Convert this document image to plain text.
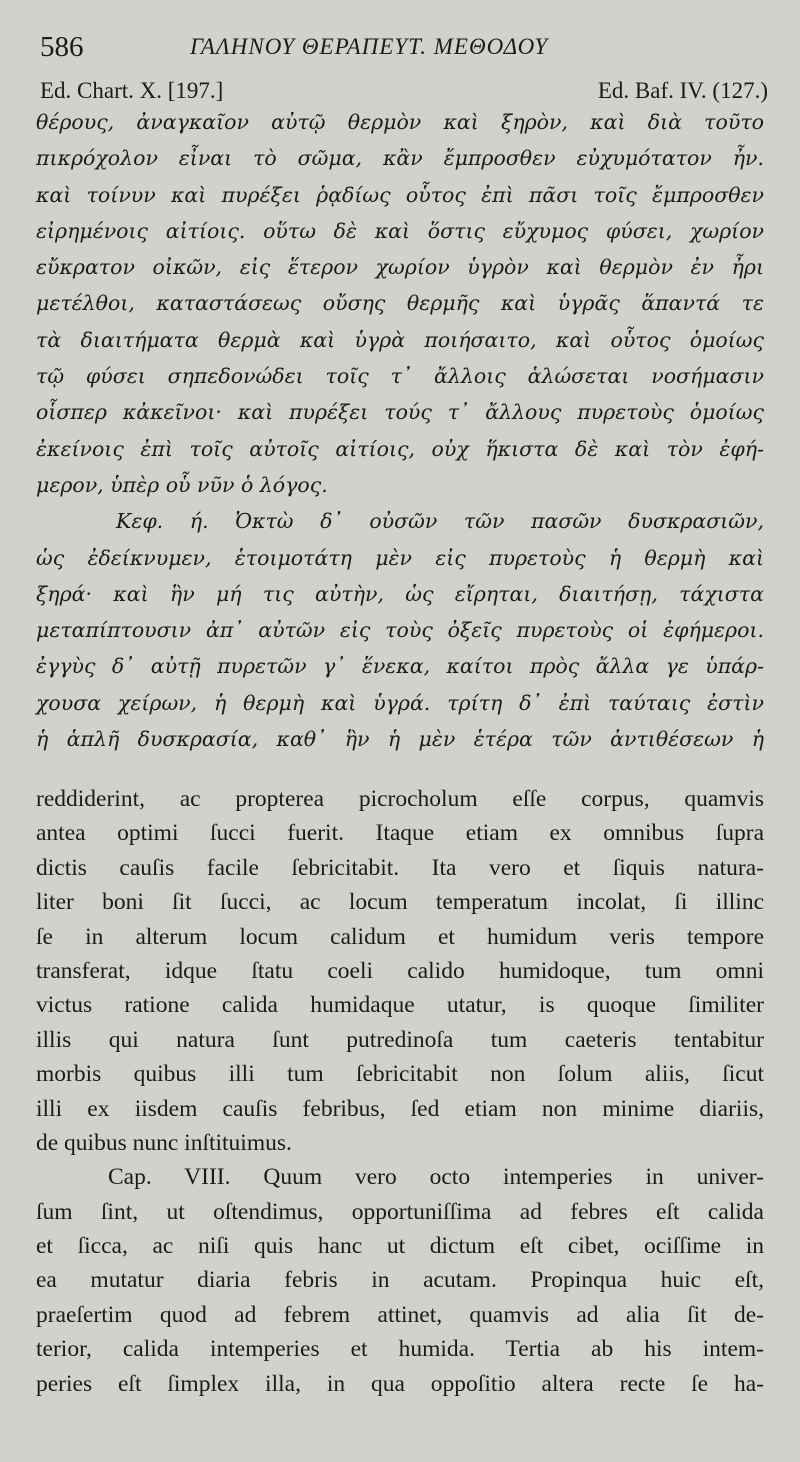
586	ΓΑΛΗΝΟΥ ΘΕΡΑΠΕΥΤ. ΜΕΘΟΔΟΥ
Ed. Chart. X. [197.]	Ed. Baf. IV. (127.)
θέρους, ἀναγκαῖον αὐτῷ θερμὸν καὶ ξηρὸν, καὶ διὰ τοῦτο
πικρόχολον εἶναι τὸ σῶμα, κἂν ἔμπροσθεν εὐχυμότατον ἦν.
καὶ τοίνυν καὶ πυρέξει ῥᾳδίως οὗτος ἐπὶ πᾶσι τοῖς ἔμπροσθεν
εἰρημένοις αἰτίοις. οὕτω δὲ καὶ ὅστις εὔχυμος φύσει, χωρίον
εὔκρατον οἰκῶν, εἰς ἕτερον χωρίον ὑγρὸν καὶ θερμὸν ἐν ἦρι
μετέλθοι, καταστάσεως οὔσης θερμῆς καὶ ὑγρᾶς ἅπαντά τε
τὰ διαιτήματα θερμὰ καὶ ὑγρὰ ποιήσαιτο, καὶ οὗτος ὁμοίως
τῷ φύσει σηπεδονώδει τοῖς τ᾿ ἄλλοις ἁλώσεται νοσήμασιν
οἷσπερ κἀκεῖνοι· καὶ πυρέξει τούς τ᾿ ἄλλους πυρετοὺς ὁμοίως
ἐκείνοις ἐπὶ τοῖς αὐτοῖς αἰτίοις, οὐχ ἥκιστα δὲ καὶ τὸν ἐφή-
μερον, ὑπὲρ οὗ νῦν ὁ λόγος.
Κεφ. ή. Ὀκτὼ δ᾿ οὐσῶν τῶν πασῶν δυσκρασιῶν,
ὡς ἐδείκνυμεν, ἑτοιμοτάτη μὲν εἰς πυρετοὺς ἡ θερμὴ καὶ
ξηρά· καὶ ἣν μή τις αὐτὴν, ὡς εἴρηται, διαιτήσῃ, τάχιστα
μεταπίπτουσιν ἀπ᾿ αὐτῶν εἰς τοὺς ὀξεῖς πυρετοὺς οἱ ἐφήμεροι.
ἐγγὺς δ᾿ αὐτῇ πυρετῶν γ᾿ ἕνεκα, καίτοι πρὸς ἄλλα γε ὑπάρ-
χουσα χείρων, ἡ θερμὴ καὶ ὑγρά. τρίτη δ᾿ ἐπὶ ταύταις ἐστὶν
ἡ ἁπλῆ δυσκρασία, καθ᾿ ἣν ἡ μὲν ἑτέρα τῶν ἀντιθέσεων ἡ
reddiderint, ac propterea picrocholum eſſe corpus, quamvis
antea optimi ſucci fuerit. Itaque etiam ex omnibus ſupra
dictis cauſis facile ſebricitabit. Ita vero et ſiquis natura-
liter boni ſit ſucci, ac locum temperatum incolat, ſi illinc
ſe in alterum locum calidum et humidum veris tempore
transferat, idque ſtatu coeli calido humidoque, tum omni
victus ratione calida humidaque utatur, is quoque ſimiliter
illis qui natura ſunt putredinoſa tum caeteris tentabitur
morbis quibus illi tum ſebricitabit non ſolum aliis, ſicut
illi ex iisdem cauſis febribus, ſed etiam non minime diariis,
de quibus nunc inſtituimus.
Cap. VIII. Quum vero octo intemperies in univer-
ſum ſint, ut oſtendimus, opportuniſſima ad febres eſt calida
et ſicca, ac niſi quis hanc ut dictum eſt cibet, ociſſime in
ea mutatur diaria febris in acutam. Propinqua huic eſt,
praeſertim quod ad febrem attinet, quamvis ad alia ſit de-
terior, calida intemperies et humida. Tertia ab his intem-
peries eſt ſimplex illa, in qua oppoſitio altera recte ſe ha-
